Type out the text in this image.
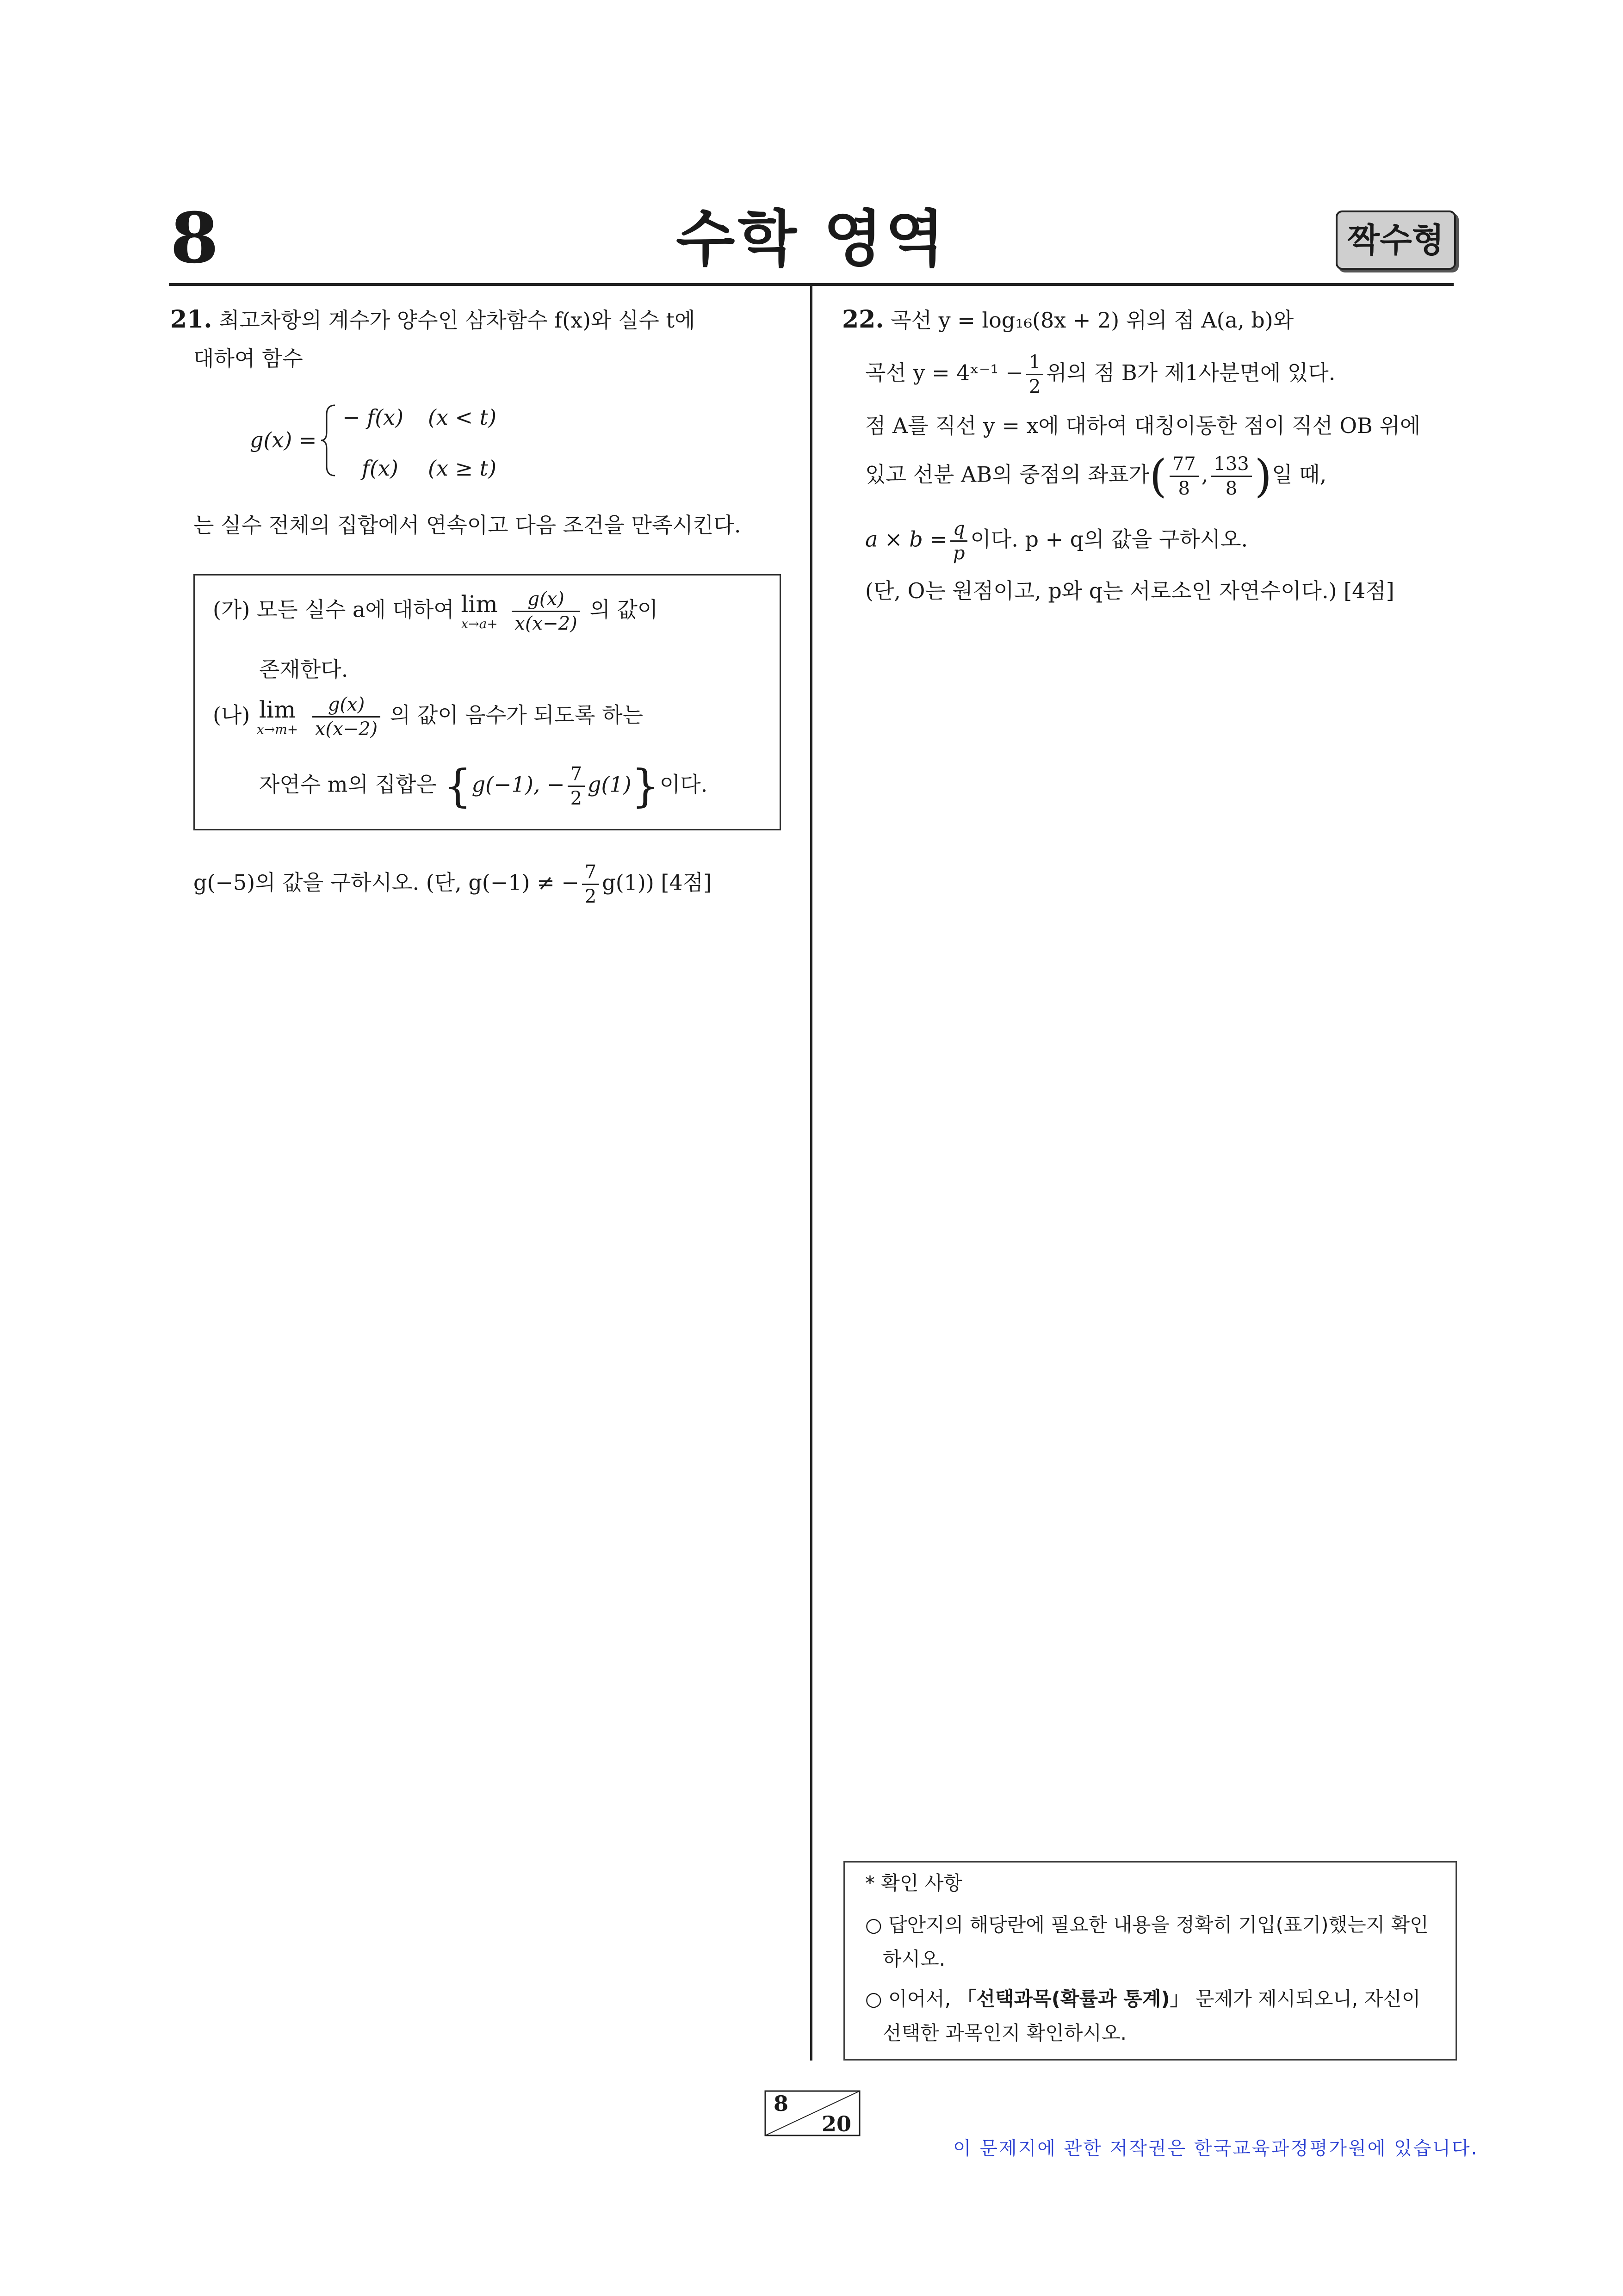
8	수학 영역	짝수형
21. 최고차항의 계수가 양수인 삼차함수 f(x)와 실수 t에
대하여 함수
g(x) =
− f(x) (x < t)
f(x) (x ≥ t)
는 실수 전체의 집합에서 연속이고 다음 조건을 만족시킨다.
(가) 모든 실수 a에 대하여 lim
x→a+
$\frac{g(x)}{x(x-2)}$ 의 값이
존재한다.
(나) lim
x→m+
$\frac{g(x)}{x(x-2)}$ 의 값이 음수가 되도록 하는
자연수 m의 집합은 {g(−1), − $\frac{7}{2} g(1)$}이다.
g(−5)의 값을 구하시오. (단, g(−1) ≠ − $\frac{7}{2} g(1)$) [4점]
22. 곡선 y = log₁₆(8x + 2) 위의 점 A(a, b)와
곡선 y = 4ˣ⁻¹ − $\frac{1}{2}$ 위의 점 B가 제1사분면에 있다.
점 A를 직선 y = x에 대하여 대칭이동한 점이 직선 OB 위에
있고 선분 AB의 중점의 좌표가( $\frac{77}{8}$ , $\frac{133}{8}$ )일 때,
$a \times b = \frac{q}{p}$ 이다. p + q의 값을 구하시오.
(단, O는 원점이고, p와 q는 서로소인 자연수이다.) [4점]
* 확인 사항
○ 답안지의 해당란에 필요한 내용을 정확히 기입(표기)했는지 확인
하시오.
○ 이어서, 「선택과목(확률과 통계)」 문제가 제시되오니, 자신이
선택한 과목인지 확인하시오.
8
20
이 문제지에 관한 저작권은 한국교육과정평가원에 있습니다.
